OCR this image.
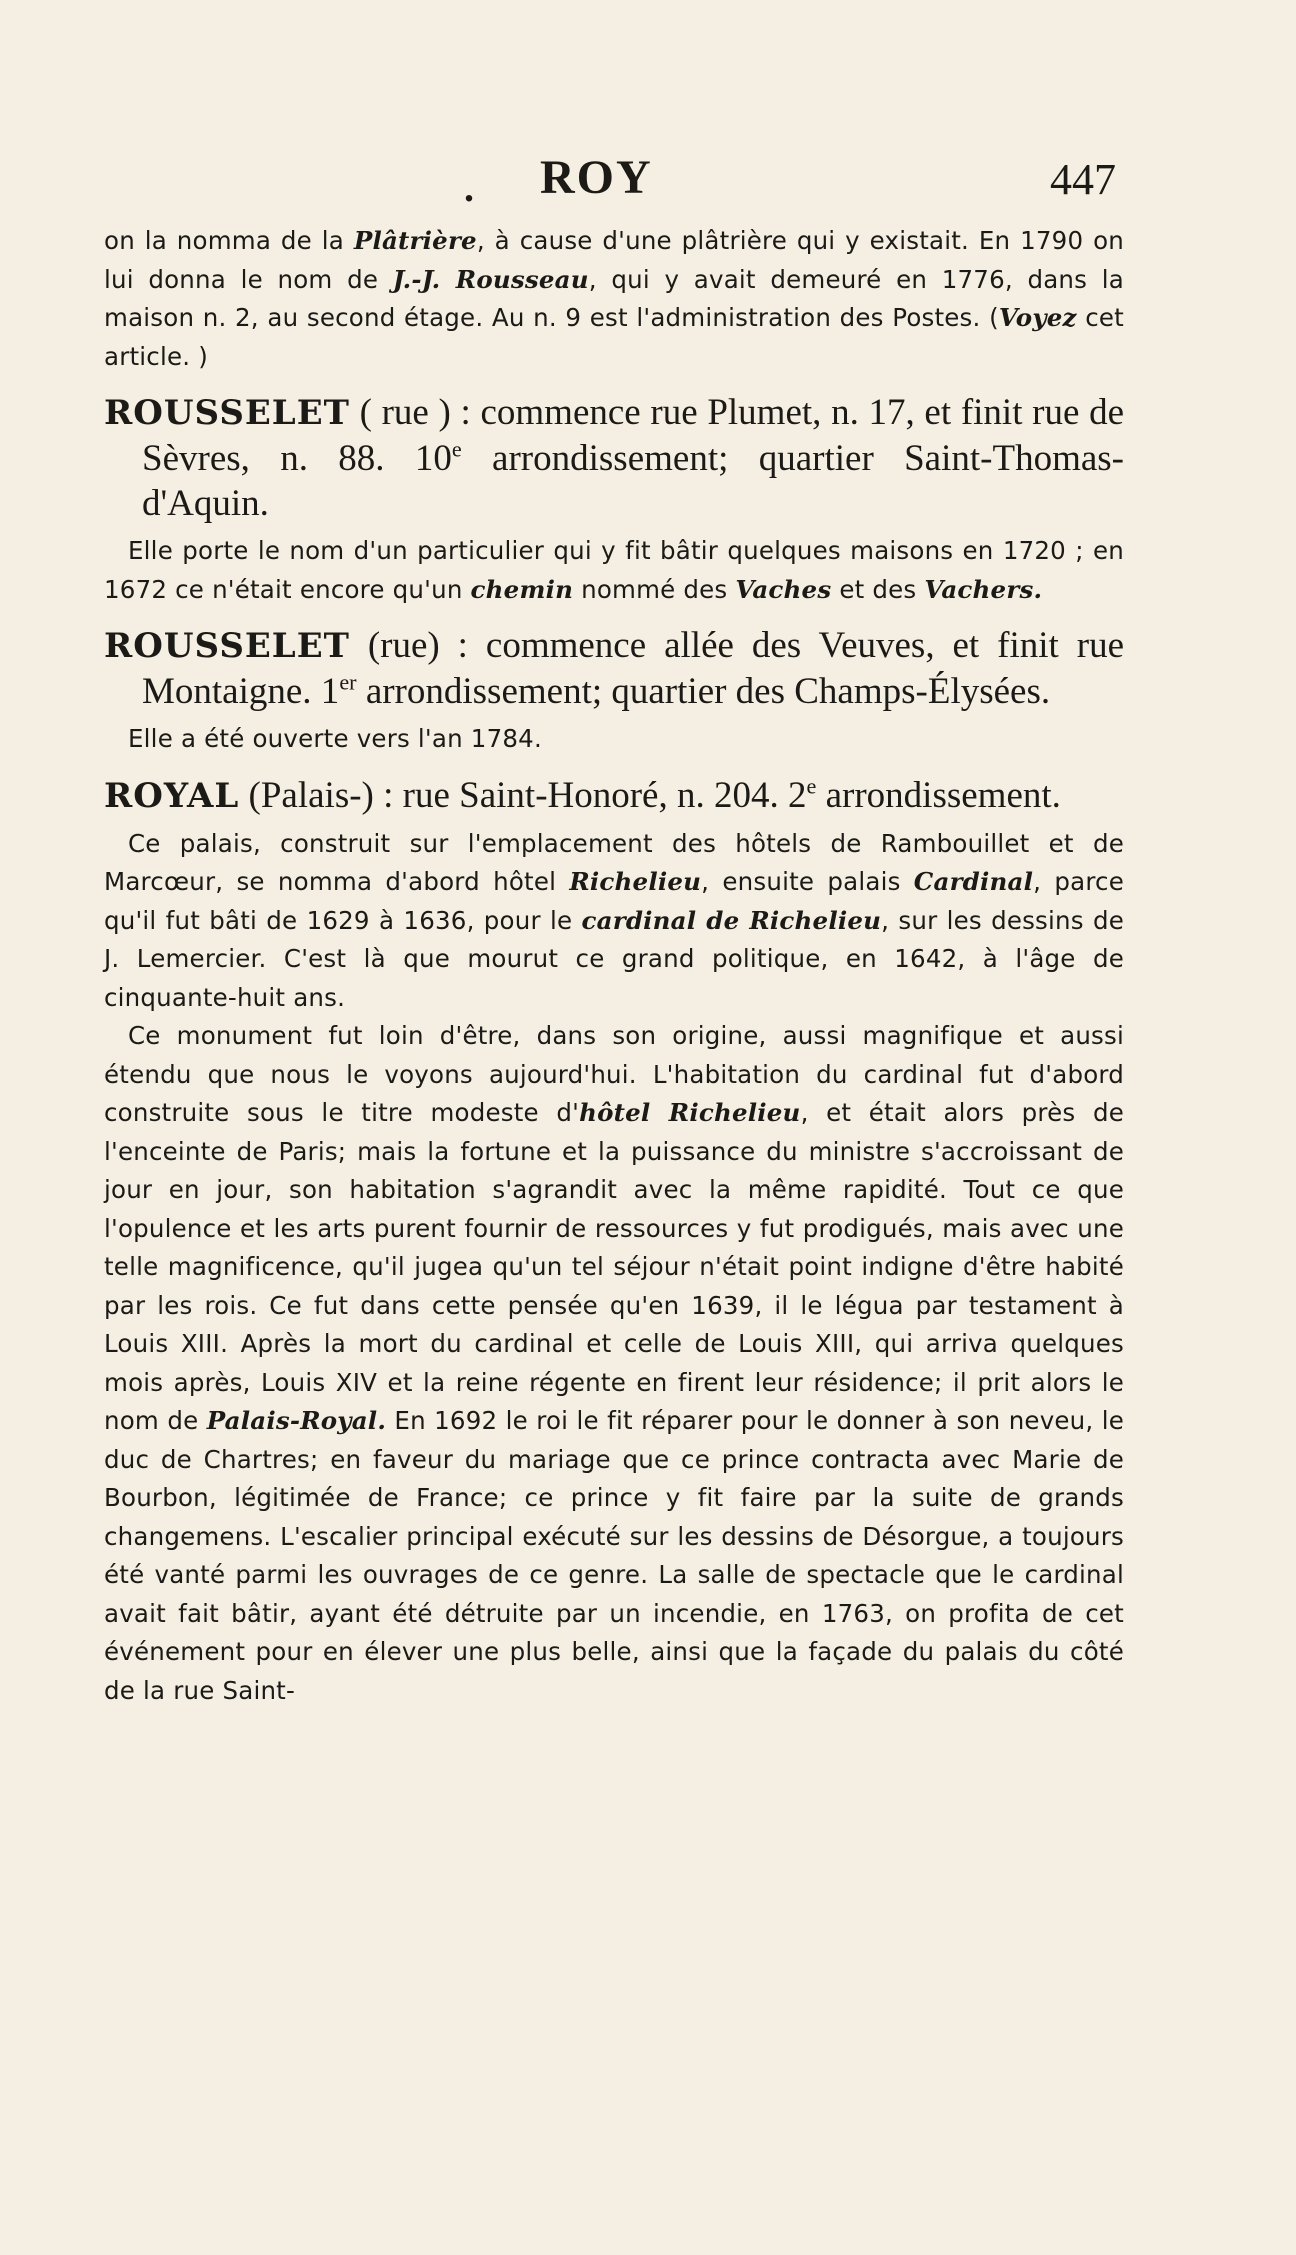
. ROY	447

on la nomma de la Plâtrière, à cause d'une plâtrière qui y existait. En 1790 on lui donna le nom de J.-J. Rousseau, qui y avait demeuré en 1776, dans la maison n. 2, au second étage. Au n. 9 est l'administration des Postes. (Voyez cet article. )

ROUSSELET ( rue ) : commence rue Plumet, n. 17, et finit rue de Sèvres, n. 88. 10e arrondissement; quartier Saint-Thomas-d'Aquin.

Elle porte le nom d'un particulier qui y fit bâtir quelques maisons en 1720 ; en 1672 ce n'était encore qu'un chemin nommé des Vaches et des Vachers.

ROUSSELET (rue) : commence allée des Veuves, et finit rue Montaigne. 1er arrondissement; quartier des Champs-Élysées.

Elle a été ouverte vers l'an 1784.

ROYAL (Palais-) : rue Saint-Honoré, n. 204. 2e arrondissement.

Ce palais, construit sur l'emplacement des hôtels de Rambouillet et de Marcœur, se nomma d'abord hôtel Richelieu, ensuite palais Cardinal, parce qu'il fut bâti de 1629 à 1636, pour le cardinal de Richelieu, sur les dessins de J. Lemercier. C'est là que mourut ce grand politique, en 1642, à l'âge de cinquante-huit ans.

Ce monument fut loin d'être, dans son origine, aussi magnifique et aussi étendu que nous le voyons aujourd'hui. L'habitation du cardinal fut d'abord construite sous le titre modeste d'hôtel Richelieu, et était alors près de l'enceinte de Paris; mais la fortune et la puissance du ministre s'accroissant de jour en jour, son habitation s'agrandit avec la même rapidité. Tout ce que l'opulence et les arts purent fournir de ressources y fut prodigués, mais avec une telle magnificence, qu'il jugea qu'un tel séjour n'était point indigne d'être habité par les rois. Ce fut dans cette pensée qu'en 1639, il le légua par testament à Louis XIII. Après la mort du cardinal et celle de Louis XIII, qui arriva quelques mois après, Louis XIV et la reine régente en firent leur résidence; il prit alors le nom de Palais-Royal. En 1692 le roi le fit réparer pour le donner à son neveu, le duc de Chartres; en faveur du mariage que ce prince contracta avec Marie de Bourbon, légitimée de France; ce prince y fit faire par la suite de grands changemens. L'escalier principal exécuté sur les dessins de Désorgue, a toujours été vanté parmi les ouvrages de ce genre. La salle de spectacle que le cardinal avait fait bâtir, ayant été détruite par un incendie, en 1763, on profita de cet événement pour en élever une plus belle, ainsi que la façade du palais du côté de la rue Saint-
